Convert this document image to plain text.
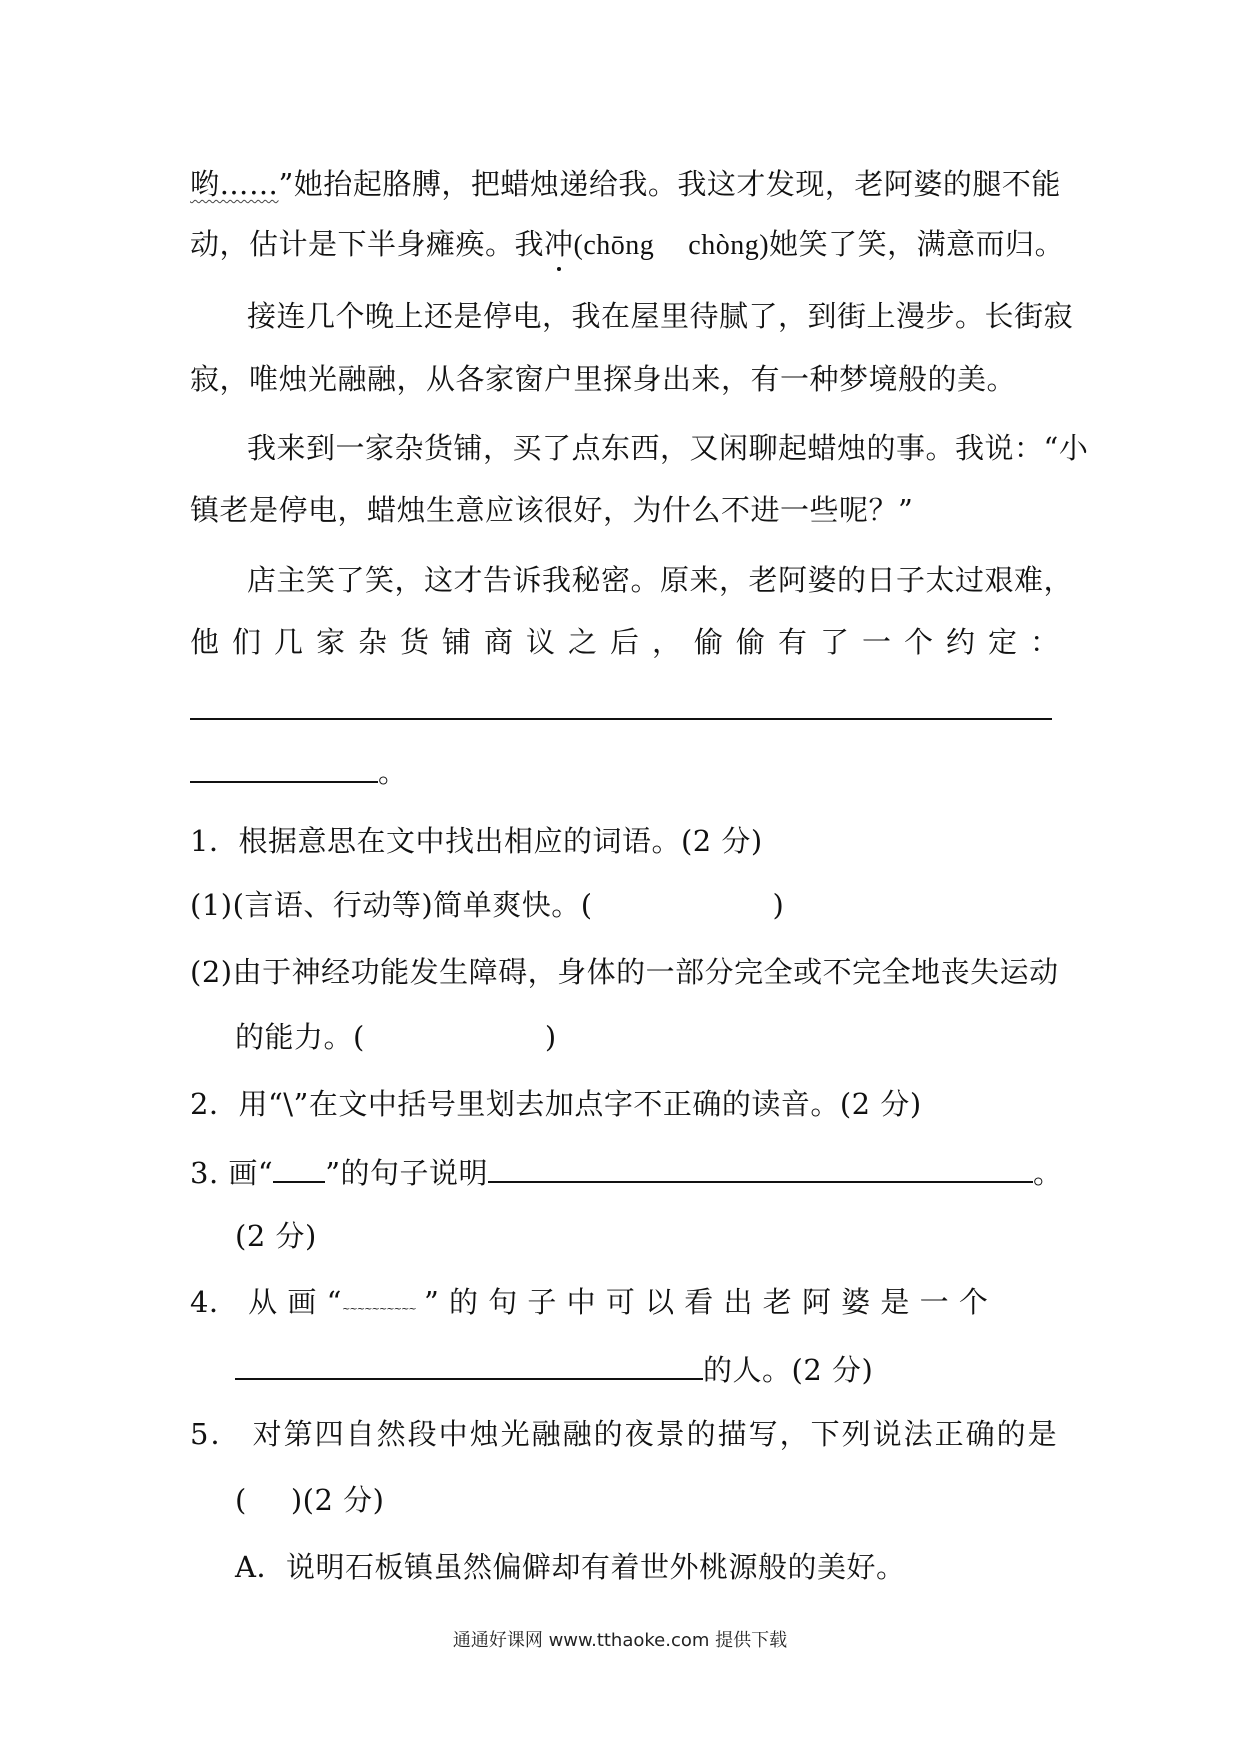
哟……”她抬起胳膊，把蜡烛递给我。我这才发现，老阿婆的腿不能
动，估计是下半身瘫痪。我冲(chōng chòng)她笑了笑，满意而归。
接连几个晚上还是停电，我在屋里待腻了，到街上漫步。长街寂
寂，唯烛光融融，从各家窗户里探身出来，有一种梦境般的美。
我来到一家杂货铺，买了点东西，又闲聊起蜡烛的事。我说：“小
镇老是停电，蜡烛生意应该很好，为什么不进一些呢？”
店主笑了笑，这才告诉我秘密。原来，老阿婆的日子太过艰难，
他们几家杂货铺商议之后，偷偷有了一个约定：
。
1．根据意思在文中找出相应的词语。(2 分)
(1)(言语、行动等)简单爽快。(	)
(2)由于神经功能发生障碍，身体的一部分完全或不完全地丧失运动
的能力。(	)
2．用“\”在文中括号里划去加点字不正确的读音。(2 分)
3. 画“ ”的句子说明	。
(2 分)
4． 从 画 “~~~~~	” 的 句 子 中 可 以 看 出 老 阿 婆 是 一 个
的人。(2 分)
5． 对第四自然段中烛光融融的夜景的描写，下列说法正确的是
( )(2 分)
A．说明石板镇虽然偏僻却有着世外桃源般的美好。
通通好课网 www.tthaoke.com 提供下载
